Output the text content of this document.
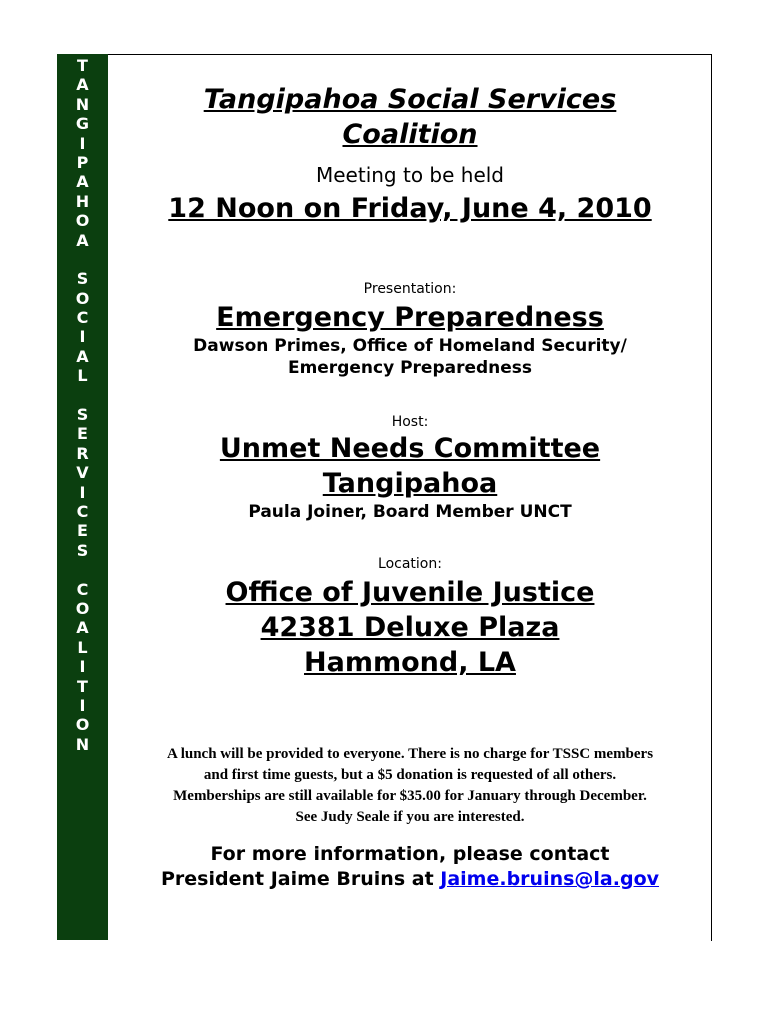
T
A
N
G
I
P
A
H
O
A
S
O
C
I
A
L
S
E
R
V
I
C
E
S
C
O
A
L
I
T
I
O
N
Tangipahoa Social Services
Coalition
Meeting to be held
12 Noon on Friday, June 4, 2010
Presentation:
Emergency Preparedness
Dawson Primes, Office of Homeland Security/
Emergency Preparedness
Host:
Unmet Needs Committee
Tangipahoa
Paula Joiner, Board Member UNCT
Location:
Office of Juvenile Justice
42381 Deluxe Plaza
Hammond, LA
A lunch will be provided to everyone. There is no charge for TSSC members
and first time guests, but a $5 donation is requested of all others.
Memberships are still available for $35.00 for January through December.
See Judy Seale if you are interested.
For more information, please contact
President Jaime Bruins at Jaime.bruins@la.gov
